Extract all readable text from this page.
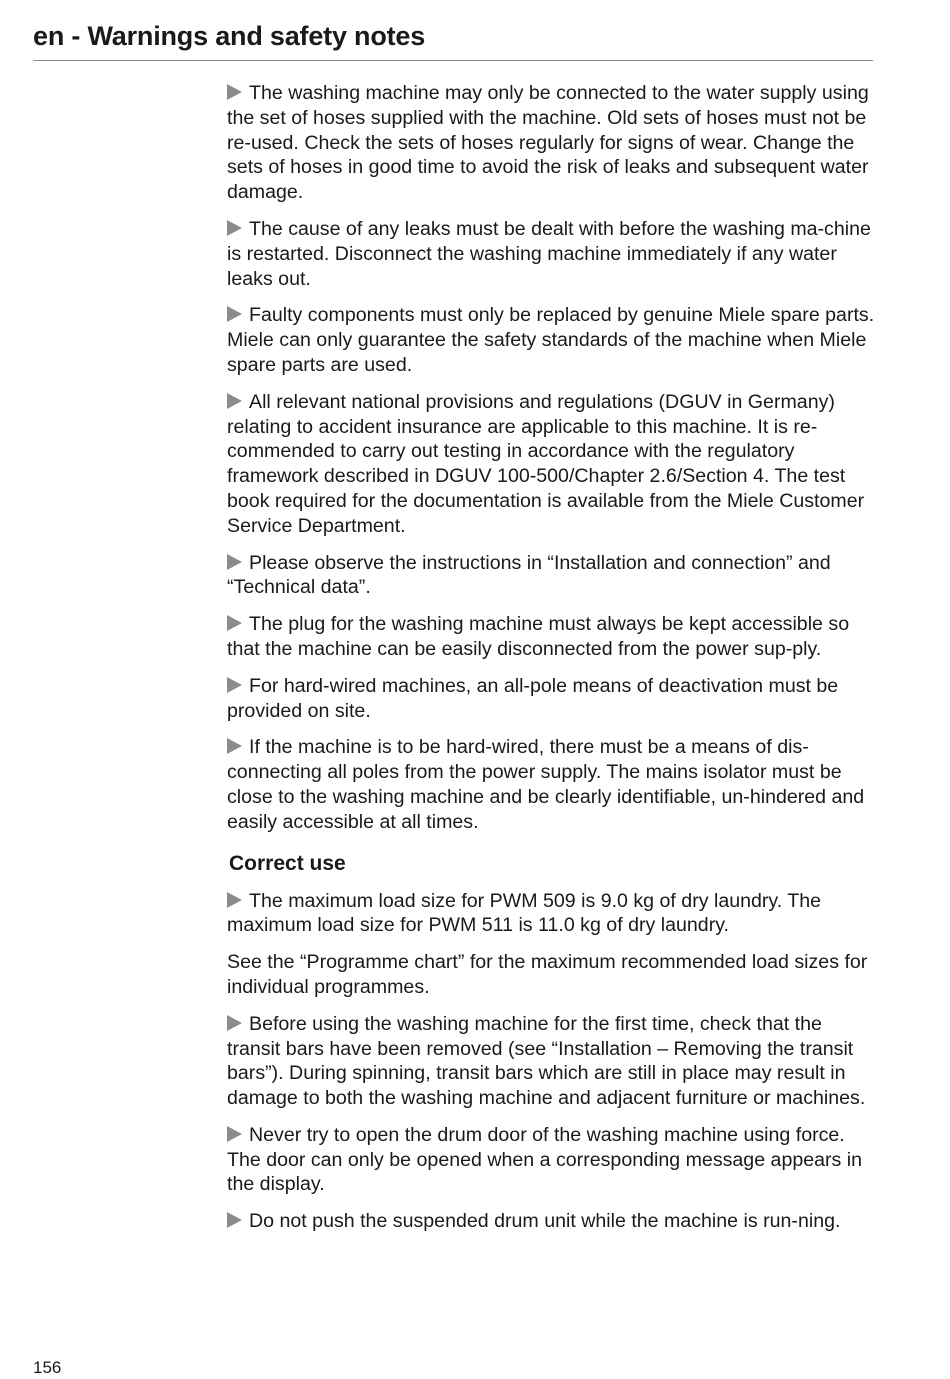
en - Warnings and safety notes

The washing machine may only be connected to the water supply using the set of hoses supplied with the machine. Old sets of hoses must not be re-used. Check the sets of hoses regularly for signs of wear. Change the sets of hoses in good time to avoid the risk of leaks and subsequent water damage.

The cause of any leaks must be dealt with before the washing ma-chine is restarted. Disconnect the washing machine immediately if any water leaks out.

Faulty components must only be replaced by genuine Miele spare parts. Miele can only guarantee the safety standards of the machine when Miele spare parts are used.

All relevant national provisions and regulations (DGUV in Germany) relating to accident insurance are applicable to this machine. It is re-commended to carry out testing in accordance with the regulatory framework described in DGUV 100-500/Chapter 2.6/Section 4. The test book required for the documentation is available from the Miele Customer Service Department.

Please observe the instructions in “Installation and connection” and “Technical data”.

The plug for the washing machine must always be kept accessible so that the machine can be easily disconnected from the power sup-ply.

For hard-wired machines, an all-pole means of deactivation must be provided on site.

If the machine is to be hard-wired, there must be a means of dis-connecting all poles from the power supply. The mains isolator must be close to the washing machine and be clearly identifiable, un-hindered and easily accessible at all times.

Correct use

The maximum load size for PWM 509 is 9.0 kg of dry laundry. The maximum load size for PWM 511 is 11.0 kg of dry laundry.

See the “Programme chart” for the maximum recommended load sizes for individual programmes.

Before using the washing machine for the first time, check that the transit bars have been removed (see “Installation – Removing the transit bars”). During spinning, transit bars which are still in place may result in damage to both the washing machine and adjacent furniture or machines.

Never try to open the drum door of the washing machine using force. The door can only be opened when a corresponding message appears in the display.

Do not push the suspended drum unit while the machine is run-ning.

156
